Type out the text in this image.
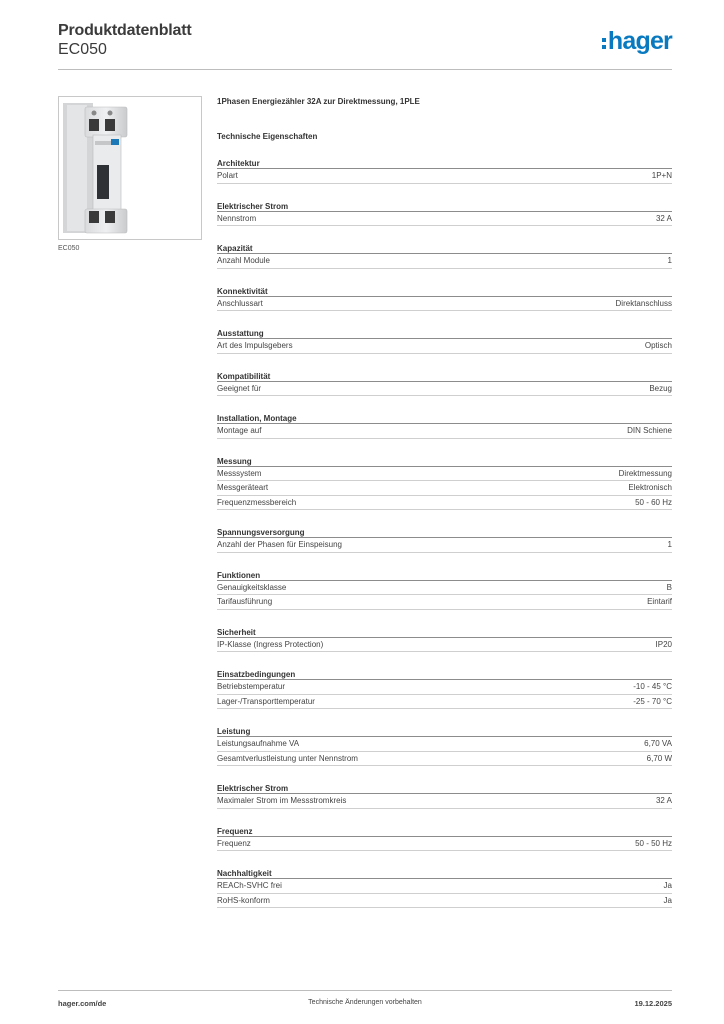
Produktdatenblatt
EC050	hager
EC050
1Phasen Energiezähler 32A zur Direktmessung, 1PLE
Technische Eigenschaften
Architektur
Polart	1P+N
Elektrischer Strom
Nennstrom	32 A
Kapazität
Anzahl Module	1
Konnektivität
Anschlussart	Direktanschluss
Ausstattung
Art des Impulsgebers	Optisch
Kompatibilität
Geeignet für	Bezug
Installation, Montage
Montage auf	DIN Schiene
Messung
Messsystem	Direktmessung
Messgeräteart	Elektronisch
Frequenzmessbereich	50 - 60 Hz
Spannungsversorgung
Anzahl der Phasen für Einspeisung	1
Funktionen
Genauigkeitsklasse	B
Tarifausführung	Eintarif
Sicherheit
IP-Klasse (Ingress Protection)	IP20
Einsatzbedingungen
Betriebstemperatur	-10 - 45 °C
Lager-/Transporttemperatur	-25 - 70 °C
Leistung
Leistungsaufnahme VA	6,70 VA
Gesamtverlustleistung unter Nennstrom	6,70 W
Elektrischer Strom
Maximaler Strom im Messstromkreis	32 A
Frequenz
Frequenz	50 - 50 Hz
Nachhaltigkeit
REACh-SVHC frei	Ja
RoHS-konform	Ja
hager.com/de	Technische Änderungen vorbehalten	19.12.2025
